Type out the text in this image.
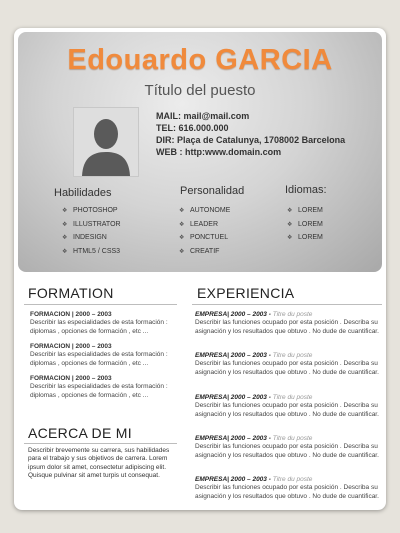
Edouardo GARCIA
Título del puesto
MAIL: mail@mail.com
TEL: 616.000.000
DIR: Plaça de Catalunya, 1708002 Barcelona
WEB : http:www.domain.com
Habilidades
❖ PHOTOSHOP
❖ ILLUSTRATOR
❖ INDESIGN
❖ HTML5 / CSS3
Personalidad
❖ AUTONOME
❖ LEADER
❖ PONCTUEL
❖ CREATIF
Idiomas:
❖ LOREM
❖ LOREM
❖ LOREM
FORMATION
FORMACION | 2000 – 2003
Describir las especialidades de esta formación : diplomas , opciones de formación , etc ...
FORMACION | 2000 – 2003
Describir las especialidades de esta formación : diplomas , opciones de formación , etc ...
FORMACION | 2000 – 2003
Describir las especialidades de esta formación : diplomas , opciones de formación , etc ...
ACERCA DE MI
Describir brevemente su carrera, sus habilidades para el trabajo y sus objetivos de carrera. Lorem ipsum dolor sit amet, consectetur adipiscing elit. Quisque pulvinar sit amet turpis ut consequat.
EXPERIENCIA
EMPRESA| 2000 – 2003 - Titre du poste
Describir las funciones ocupado por esta posición . Describa su asignación y los resultados que obtuvo . No dude de cuantificar.
EMPRESA| 2000 – 2003 - Titre du poste
Describir las funciones ocupado por esta posición . Describa su asignación y los resultados que obtuvo . No dude de cuantificar.
EMPRESA| 2000 – 2003 - Titre du poste
Describir las funciones ocupado por esta posición . Describa su asignación y los resultados que obtuvo . No dude de cuantificar.
EMPRESA| 2000 – 2003 - Titre du poste
Describir las funciones ocupado por esta posición . Describa su asignación y los resultados que obtuvo . No dude de cuantificar.
EMPRESA| 2000 – 2003 - Titre du poste
Describir las funciones ocupado por esta posición . Describa su asignación y los resultados que obtuvo . No dude de cuantificar.
